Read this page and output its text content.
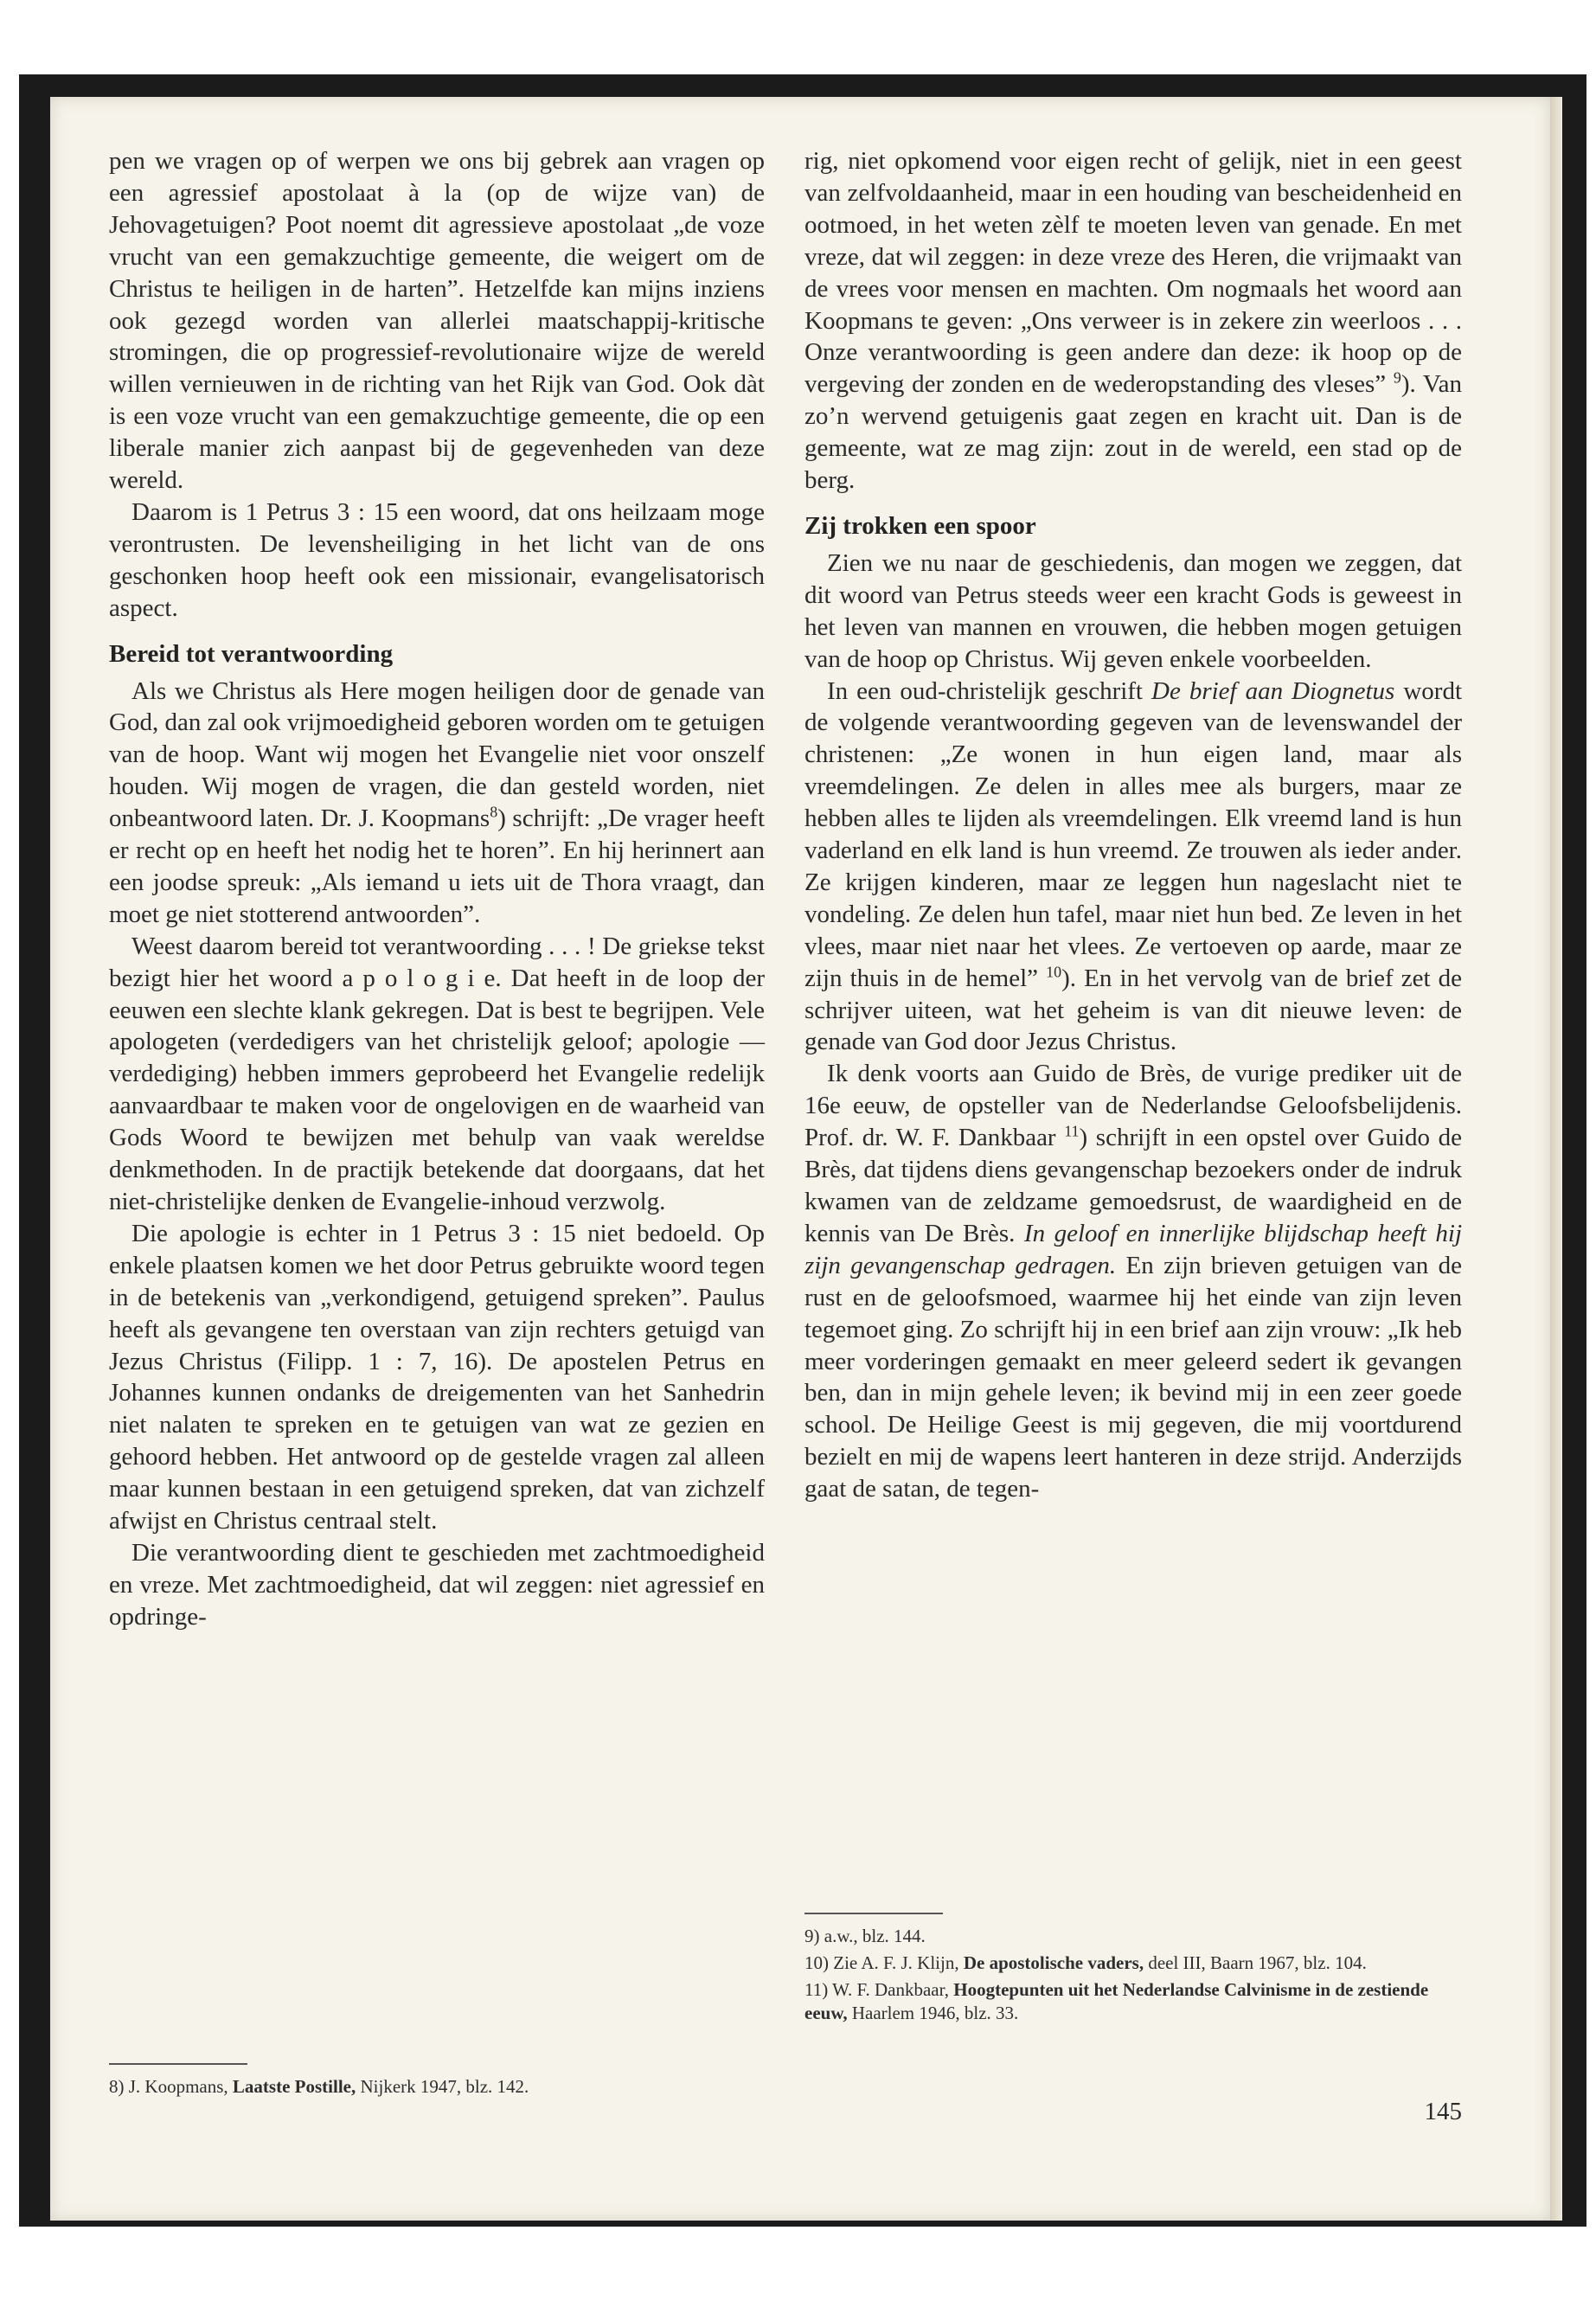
pen we vragen op of werpen we ons bij gebrek aan vragen op een agressief apostolaat à la (op de wijze van) de Jehovagetuigen? Poot noemt dit agressieve apostolaat „de voze vrucht van een gemakzuchtige gemeente, die weigert om de Christus te heiligen in de harten”. Hetzelfde kan mijns inziens ook gezegd worden van allerlei maatschappij-kritische stromingen, die op progressief-revolutionaire wijze de wereld willen vernieuwen in de richting van het Rijk van God. Ook dàt is een voze vrucht van een gemakzuchtige gemeente, die op een liberale manier zich aanpast bij de gegevenheden van deze wereld.

Daarom is 1 Petrus 3 : 15 een woord, dat ons heilzaam moge verontrusten. De levensheiliging in het licht van de ons geschonken hoop heeft ook een missionair, evangelisatorisch aspect.

Bereid tot verantwoording

Als we Christus als Here mogen heiligen door de genade van God, dan zal ook vrijmoedigheid geboren worden om te getuigen van de hoop. Want wij mogen het Evangelie niet voor onszelf houden. Wij mogen de vragen, die dan gesteld worden, niet onbeantwoord laten. Dr. J. Koopmans$^8$) schrijft: „De vrager heeft er recht op en heeft het nodig het te horen”. En hij herinnert aan een joodse spreuk: „Als iemand u iets uit de Thora vraagt, dan moet ge niet stotterend antwoorden”.

Weest daarom bereid tot verantwoording . . . ! De griekse tekst bezigt hier het woord a p o l o g i e. Dat heeft in de loop der eeuwen een slechte klank gekregen. Dat is best te begrijpen. Vele apologeten (verdedigers van het christelijk geloof; apologie — verdediging) hebben immers geprobeerd het Evangelie redelijk aanvaardbaar te maken voor de ongelovigen en de waarheid van Gods Woord te bewijzen met behulp van vaak wereldse denkmethoden. In de practijk betekende dat doorgaans, dat het niet-christelijke denken de Evangelie-inhoud verzwolg.

Die apologie is echter in 1 Petrus 3 : 15 niet bedoeld. Op enkele plaatsen komen we het door Petrus gebruikte woord tegen in de betekenis van „verkondigend, getuigend spreken”. Paulus heeft als gevangene ten overstaan van zijn rechters getuigd van Jezus Christus (Filipp. 1 : 7, 16). De apostelen Petrus en Johannes kunnen ondanks de dreigementen van het Sanhedrin niet nalaten te spreken en te getuigen van wat ze gezien en gehoord hebben. Het antwoord op de gestelde vragen zal alleen maar kunnen bestaan in een getuigend spreken, dat van zichzelf afwijst en Christus centraal stelt.

Die verantwoording dient te geschieden met zachtmoedigheid en vreze. Met zachtmoedigheid, dat wil zeggen: niet agressief en opdringe-

8) J. Koopmans, Laatste Postille, Nijkerk 1947, blz. 142.

rig, niet opkomend voor eigen recht of gelijk, niet in een geest van zelfvoldaanheid, maar in een houding van bescheidenheid en ootmoed, in het weten zèlf te moeten leven van genade. En met vreze, dat wil zeggen: in deze vreze des Heren, die vrijmaakt van de vrees voor mensen en machten. Om nogmaals het woord aan Koopmans te geven: „Ons verweer is in zekere zin weerloos . . . Onze verantwoording is geen andere dan deze: ik hoop op de vergeving der zonden en de wederopstanding des vleses” $^9$). Van zo’n wervend getuigenis gaat zegen en kracht uit. Dan is de gemeente, wat ze mag zijn: zout in de wereld, een stad op de berg.

Zij trokken een spoor

Zien we nu naar de geschiedenis, dan mogen we zeggen, dat dit woord van Petrus steeds weer een kracht Gods is geweest in het leven van mannen en vrouwen, die hebben mogen getuigen van de hoop op Christus. Wij geven enkele voorbeelden.

In een oud-christelijk geschrift De brief aan Diognetus wordt de volgende verantwoording gegeven van de levenswandel der christenen: „Ze wonen in hun eigen land, maar als vreemdelingen. Ze delen in alles mee als burgers, maar ze hebben alles te lijden als vreemdelingen. Elk vreemd land is hun vaderland en elk land is hun vreemd. Ze trouwen als ieder ander. Ze krijgen kinderen, maar ze leggen hun nageslacht niet te vondeling. Ze delen hun tafel, maar niet hun bed. Ze leven in het vlees, maar niet naar het vlees. Ze vertoeven op aarde, maar ze zijn thuis in de hemel” $^{10}$). En in het vervolg van de brief zet de schrijver uiteen, wat het geheim is van dit nieuwe leven: de genade van God door Jezus Christus.

Ik denk voorts aan Guido de Brès, de vurige prediker uit de 16e eeuw, de opsteller van de Nederlandse Geloofsbelijdenis. Prof. dr. W. F. Dankbaar $^{11}$) schrijft in een opstel over Guido de Brès, dat tijdens diens gevangenschap bezoekers onder de indruk kwamen van de zeldzame gemoedsrust, de waardigheid en de kennis van De Brès. In geloof en innerlijke blijdschap heeft hij zijn gevangenschap gedragen. En zijn brieven getuigen van de rust en de geloofsmoed, waarmee hij het einde van zijn leven tegemoet ging. Zo schrijft hij in een brief aan zijn vrouw: „Ik heb meer vorderingen gemaakt en meer geleerd sedert ik gevangen ben, dan in mijn gehele leven; ik bevind mij in een zeer goede school. De Heilige Geest is mij gegeven, die mij voortdurend bezielt en mij de wapens leert hanteren in deze strijd. Anderzijds gaat de satan, de tegen-

9) a.w., blz. 144.

10) Zie A. F. J. Klijn, De apostolische vaders, deel III, Baarn 1967, blz. 104.

11) W. F. Dankbaar, Hoogtepunten uit het Nederlandse Calvinisme in de zestiende eeuw, Haarlem 1946, blz. 33.

145
